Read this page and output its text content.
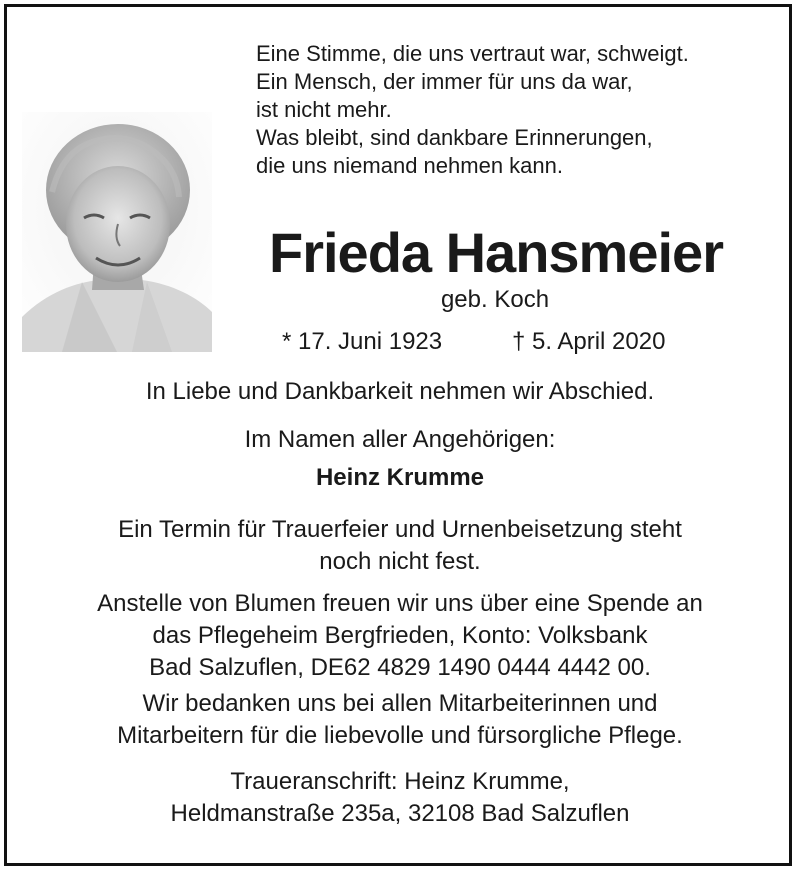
Eine Stimme, die uns vertraut war, schweigt.
Ein Mensch, der immer für uns da war,
ist nicht mehr.
Was bleibt, sind dankbare Erinnerungen,
die uns niemand nehmen kann.
Frieda Hansmeier
geb. Koch
* 17. Juni 1923	† 5. April 2020
In Liebe und Dankbarkeit nehmen wir Abschied.
Im Namen aller Angehörigen:
Heinz Krumme
Ein Termin für Trauerfeier und Urnenbeisetzung steht
noch nicht fest.
Anstelle von Blumen freuen wir uns über eine Spende an
das Pflegeheim Bergfrieden, Konto: Volksbank
Bad Salzuflen, DE62 4829 1490 0444 4442 00.
Wir bedanken uns bei allen Mitarbeiterinnen und
Mitarbeitern für die liebevolle und fürsorgliche Pflege.
Traueranschrift: Heinz Krumme,
Heldmanstraße 235a, 32108 Bad Salzuflen
